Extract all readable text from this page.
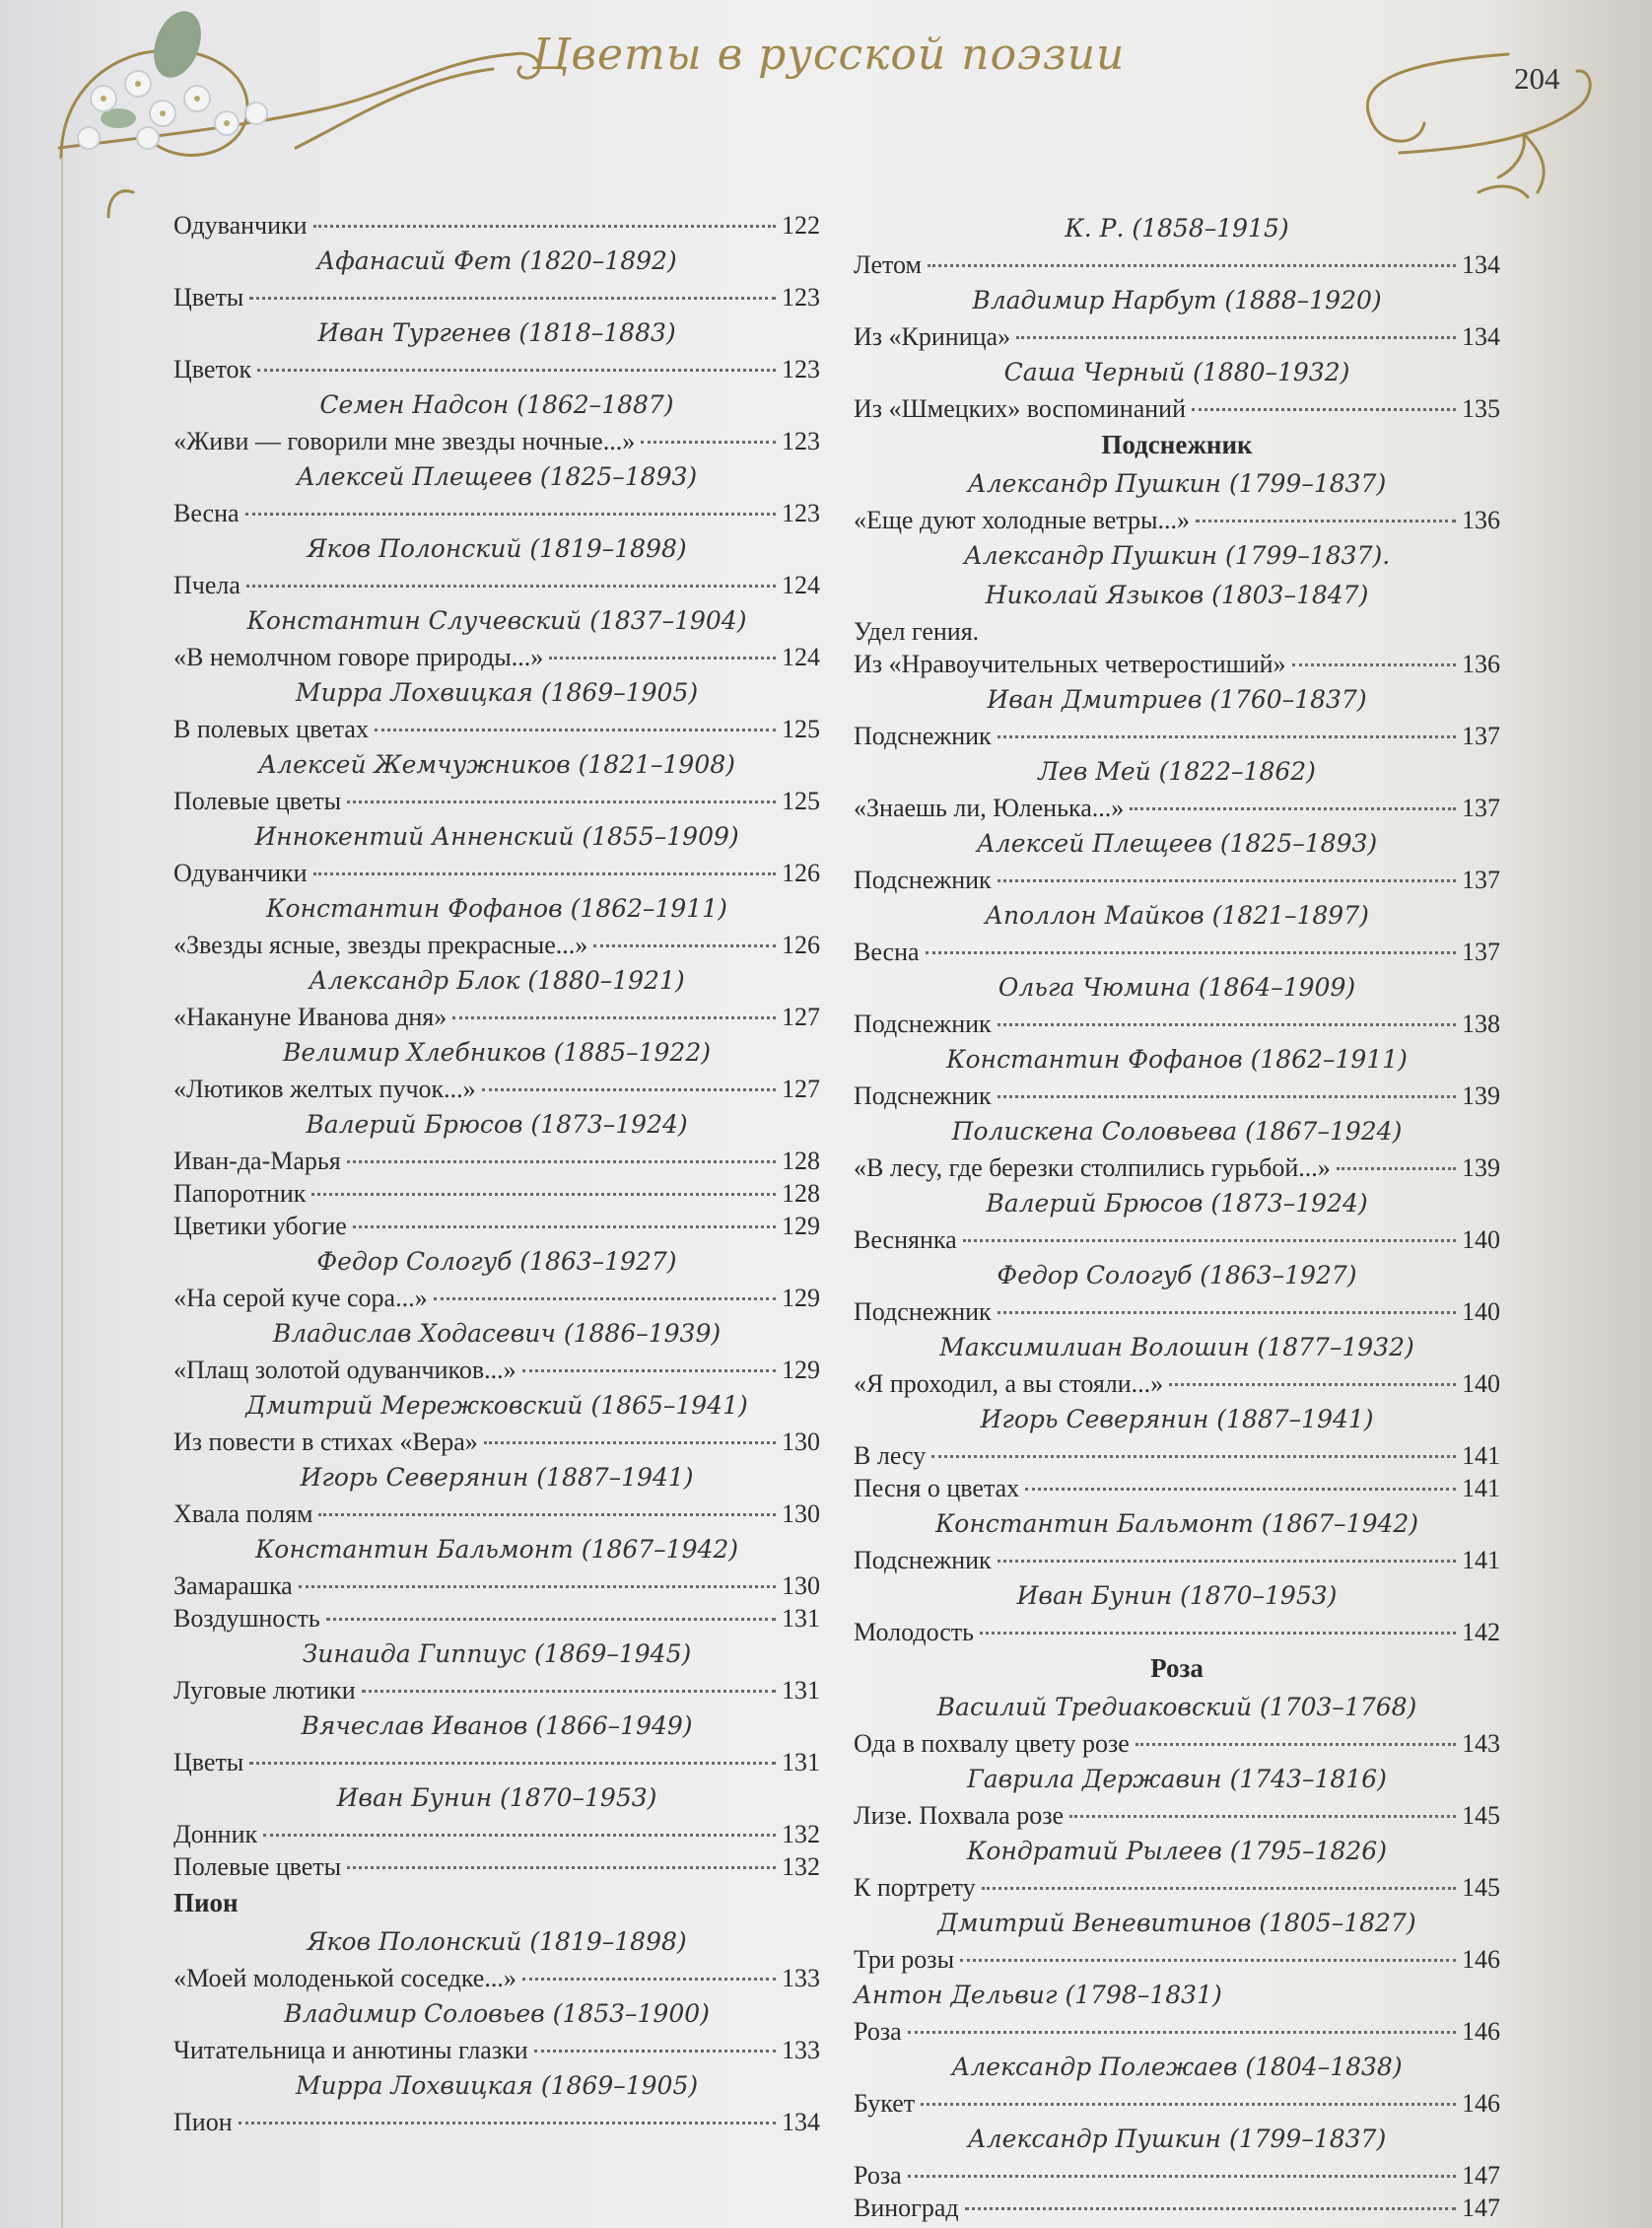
Цветы в русской поэзии	204
Одуванчики	122
Афанасий Фет (1820–1892)
Цветы	123
Иван Тургенев (1818–1883)
Цветок	123
Семен Надсон (1862–1887)
«Живи — говорили мне звезды ночные...»	123
Алексей Плещеев (1825–1893)
Весна	123
Яков Полонский (1819–1898)
Пчела	124
Константин Случевский (1837–1904)
«В немолчном говоре природы...»	124
Мирра Лохвицкая (1869–1905)
В полевых цветах	125
Алексей Жемчужников (1821–1908)
Полевые цветы	125
Иннокентий Анненский (1855–1909)
Одуванчики	126
Константин Фофанов (1862–1911)
«Звезды ясные, звезды прекрасные...»	126
Александр Блок (1880–1921)
«Накануне Иванова дня»	127
Велимир Хлебников (1885–1922)
«Лютиков желтых пучок...»	127
Валерий Брюсов (1873–1924)
Иван-да-Марья	128
Папоротник	128
Цветики убогие	129
Федор Сологуб (1863–1927)
«На серой куче сора...»	129
Владислав Ходасевич (1886–1939)
«Плащ золотой одуванчиков...»	129
Дмитрий Мережковский (1865–1941)
Из повести в стихах «Вера»	130
Игорь Северянин (1887–1941)
Хвала полям	130
Константин Бальмонт (1867–1942)
Замарашка	130
Воздушность	131
Зинаида Гиппиус (1869–1945)
Луговые лютики	131
Вячеслав Иванов (1866–1949)
Цветы	131
Иван Бунин (1870–1953)
Донник	132
Полевые цветы	132
Пион
Яков Полонский (1819–1898)
«Моей молоденькой соседке...»	133
Владимир Соловьев (1853–1900)
Читательница и анютины глазки	133
Мирра Лохвицкая (1869–1905)
Пион	134
К. Р. (1858–1915)
Летом	134
Владимир Нарбут (1888–1920)
Из «Криница»	134
Саша Черный (1880–1932)
Из «Шмецких» воспоминаний	135
Подснежник
Александр Пушкин (1799–1837)
«Еще дуют холодные ветры...»	136
Александр Пушкин (1799–1837).
Николай Языков (1803–1847)
Удел гения.
Из «Нравоучительных четверостиший»	136
Иван Дмитриев (1760–1837)
Подснежник	137
Лев Мей (1822–1862)
«Знаешь ли, Юленька...»	137
Алексей Плещеев (1825–1893)
Подснежник	137
Аполлон Майков (1821–1897)
Весна	137
Ольга Чюмина (1864–1909)
Подснежник	138
Константин Фофанов (1862–1911)
Подснежник	139
Полискена Соловьева (1867–1924)
«В лесу, где березки столпились гурьбой...»	139
Валерий Брюсов (1873–1924)
Веснянка	140
Федор Сологуб (1863–1927)
Подснежник	140
Максимилиан Волошин (1877–1932)
«Я проходил, а вы стояли...»	140
Игорь Северянин (1887–1941)
В лесу	141
Песня о цветах	141
Константин Бальмонт (1867–1942)
Подснежник	141
Иван Бунин (1870–1953)
Молодость	142
Роза
Василий Тредиаковский (1703–1768)
Ода в похвалу цвету розе	143
Гаврила Державин (1743–1816)
Лизе. Похвала розе	145
Кондратий Рылеев (1795–1826)
К портрету	145
Дмитрий Веневитинов (1805–1827)
Три розы	146
Антон Дельвиг (1798–1831)
Роза	146
Александр Полежаев (1804–1838)
Букет	146
Александр Пушкин (1799–1837)
Роза	147
Виноград	147
